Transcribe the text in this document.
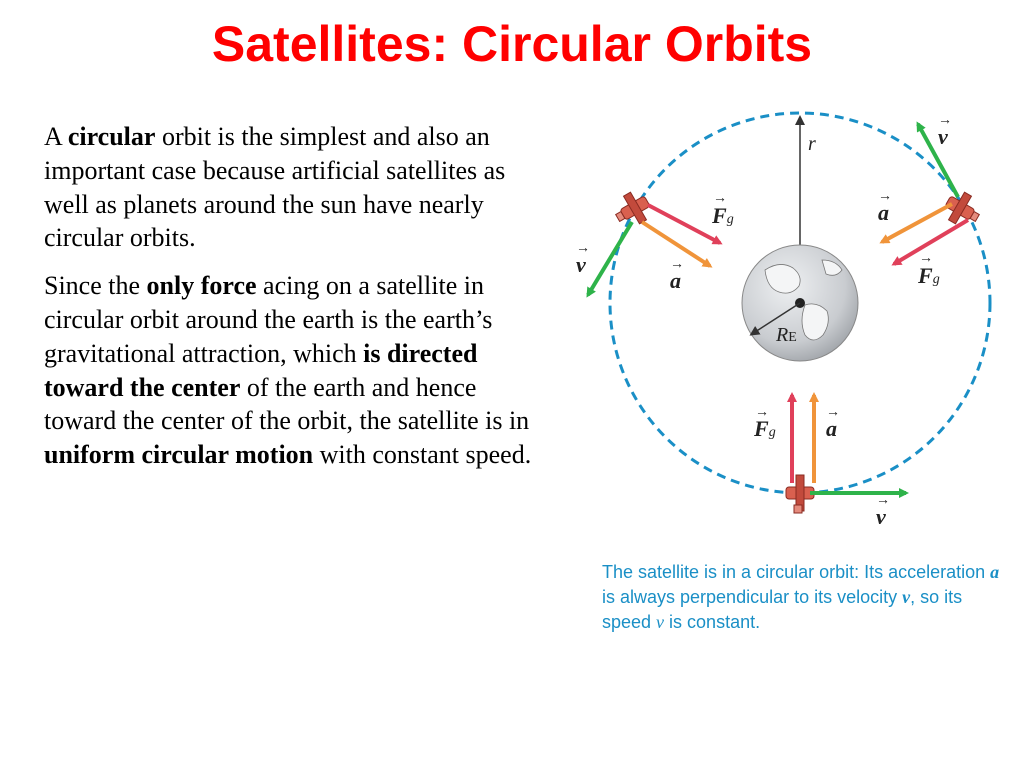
Satellites: Circular Orbits

A circular orbit is the simplest and also an important case because artificial satellites as well as planets around the sun have nearly circular orbits.

Since the only force acing on a satellite in circular orbit around the earth is the earth’s gravitational attraction, which is directed toward the center of the earth and hence toward the center of the orbit, the satellite is in uniform circular motion with constant speed.

r
RE
v
→
Fg
→
a
→
v
→
a
→
Fg
→
Fg
→
a
→
v
→
The satellite is in a circular orbit: Its acceleration a is always perpendicular to its velocity v, so its speed v is constant.
